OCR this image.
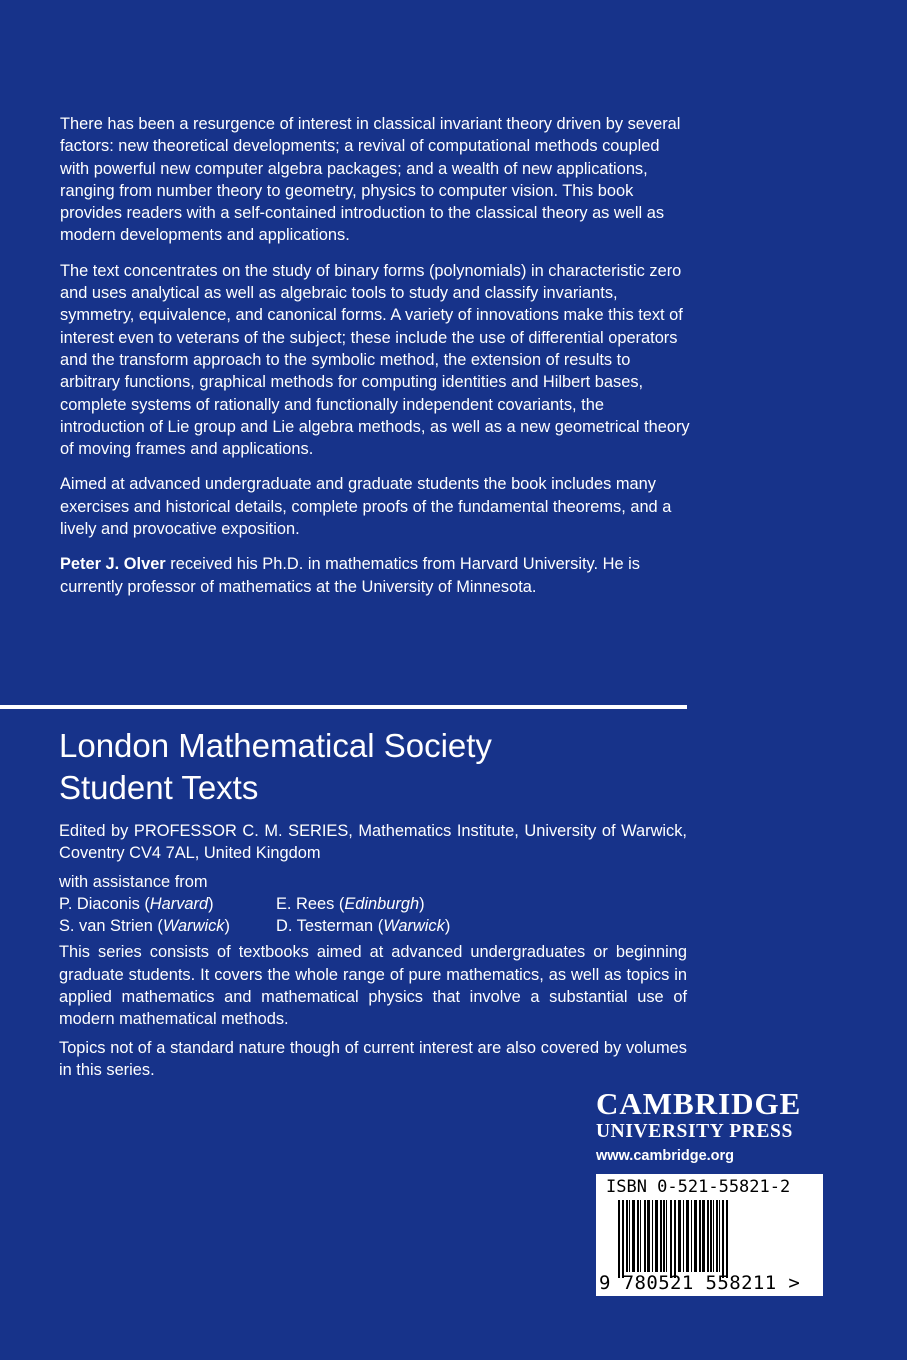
There has been a resurgence of interest in classical invariant theory driven by several factors: new theoretical developments; a revival of computational methods coupled with powerful new computer algebra packages; and a wealth of new applications, ranging from number theory to geometry, physics to computer vision. This book provides readers with a self-contained introduction to the classical theory as well as modern developments and applications.

The text concentrates on the study of binary forms (polynomials) in characteristic zero and uses analytical as well as algebraic tools to study and classify invariants, symmetry, equivalence, and canonical forms. A variety of innovations make this text of interest even to veterans of the subject; these include the use of differential operators and the transform approach to the symbolic method, the extension of results to arbitrary functions, graphical methods for computing identities and Hilbert bases, complete systems of rationally and functionally independent covariants, the introduction of Lie group and Lie algebra methods, as well as a new geometrical theory of moving frames and applications.

Aimed at advanced undergraduate and graduate students the book includes many exercises and historical details, complete proofs of the fundamental theorems, and a lively and provocative exposition.

Peter J. Olver received his Ph.D. in mathematics from Harvard University. He is currently professor of mathematics at the University of Minnesota.

London Mathematical Society
Student Texts

Edited by PROFESSOR C. M. SERIES, Mathematics Institute, University of Warwick, Coventry CV4 7AL, United Kingdom

with assistance from
P. Diaconis (Harvard)	E. Rees (Edinburgh)
S. van Strien (Warwick)	D. Testerman (Warwick)

This series consists of textbooks aimed at advanced undergraduates or beginning graduate students. It covers the whole range of pure mathematics, as well as topics in applied mathematics and mathematical physics that involve a substantial use of modern mathematical methods.

Topics not of a standard nature though of current interest are also covered by volumes in this series.

CAMBRIDGE
UNIVERSITY PRESS
www.cambridge.org
ISBN 0-521-55821-2
9 780521 558211 >
